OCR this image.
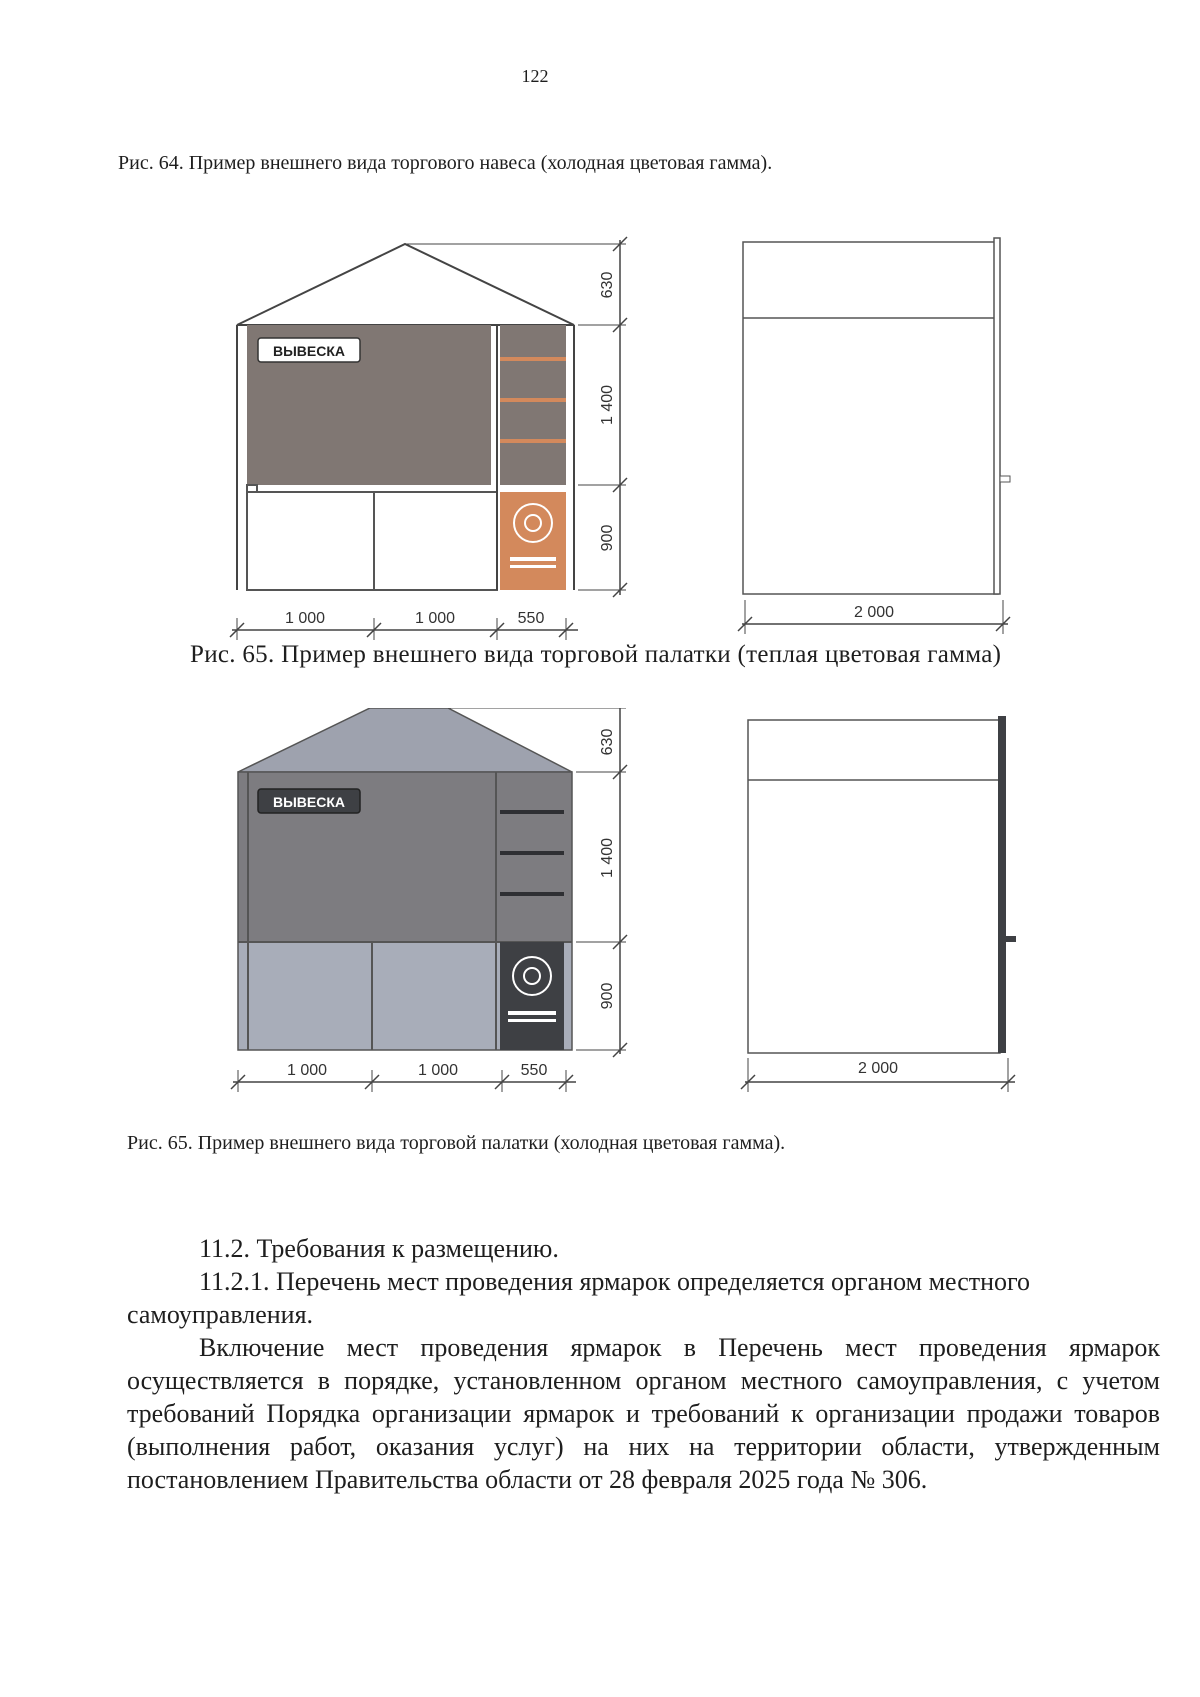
122
Рис. 64. Пример внешнего вида торгового навеса (холодная цветовая гамма).
ВЫВЕСКА
630
1 400
900
1 000	1 000	550	2 000
Рис. 65. Пример внешнего вида торговой палатки (теплая цветовая гамма)
ВЫВЕСКА
630
1 400
900
1 000	1 000	550	2 000
Рис. 65. Пример внешнего вида торговой палатки (холодная цветовая гамма).

11.2. Требования к размещению.

11.2.1. Перечень мест проведения ярмарок определяется органом местного самоуправления.

Включение мест проведения ярмарок в Перечень мест проведения ярмарок осуществляется в порядке, установленном органом местного самоуправления, с учетом требований Порядка организации ярмарок и требований к организации продажи товаров (выполнения работ, оказания услуг) на них на территории области, утвержденным постановлением Правительства области от 28 февраля 2025 года № 306.
